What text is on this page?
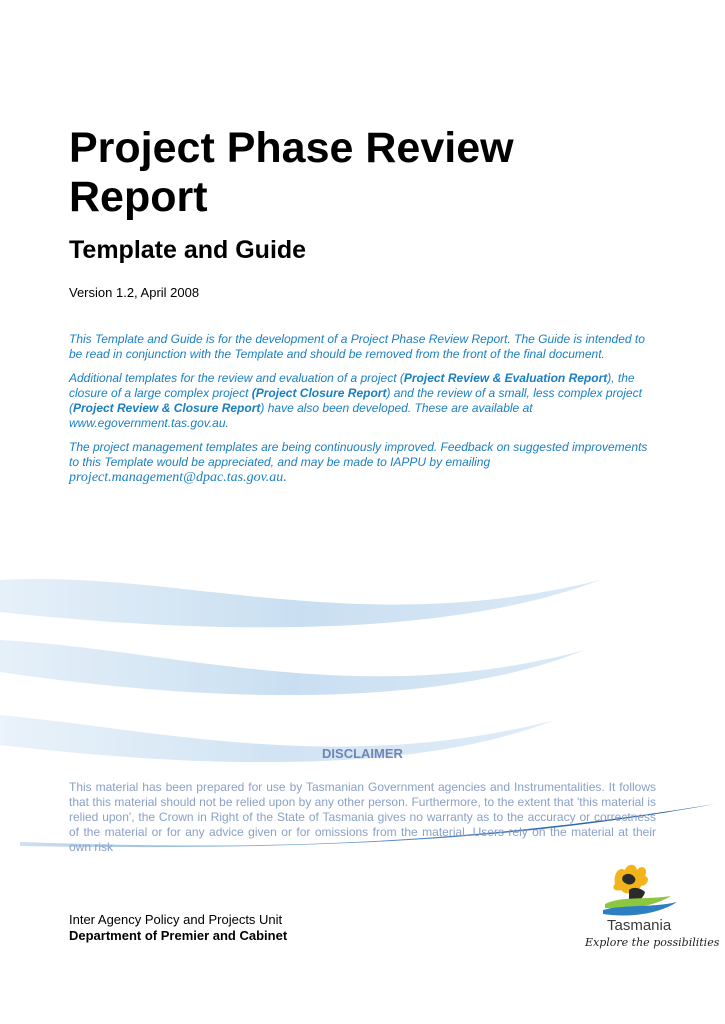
Project Phase Review Report
Template and Guide
Version 1.2, April 2008

This Template and Guide is for the development of a Project Phase Review Report. The Guide is intended to be read in conjunction with the Template and should be removed from the front of the final document.

Additional templates for the review and evaluation of a project (Project Review & Evaluation Report), the closure of a large complex project (Project Closure Report) and the review of a small, less complex project (Project Review & Closure Report) have also been developed. These are available at www.egovernment.tas.gov.au.

The project management templates are being continuously improved. Feedback on suggested improvements to this Template would be appreciated, and may be made to IAPPU by emailing project.management@dpac.tas.gov.au.

DISCLAIMER
This material has been prepared for use by Tasmanian Government agencies and Instrumentalities. It follows that this material should not be relied upon by any other person. Furthermore, to the extent that 'this material is relied upon', the Crown in Right of the State of Tasmania gives no warranty as to the accuracy or correctness of the material or for any advice given or for omissions from the material. Users rely on the material at their own risk
Inter Agency Policy and Projects Unit
Department of Premier and Cabinet
Tasmania
Explore the possibilities
